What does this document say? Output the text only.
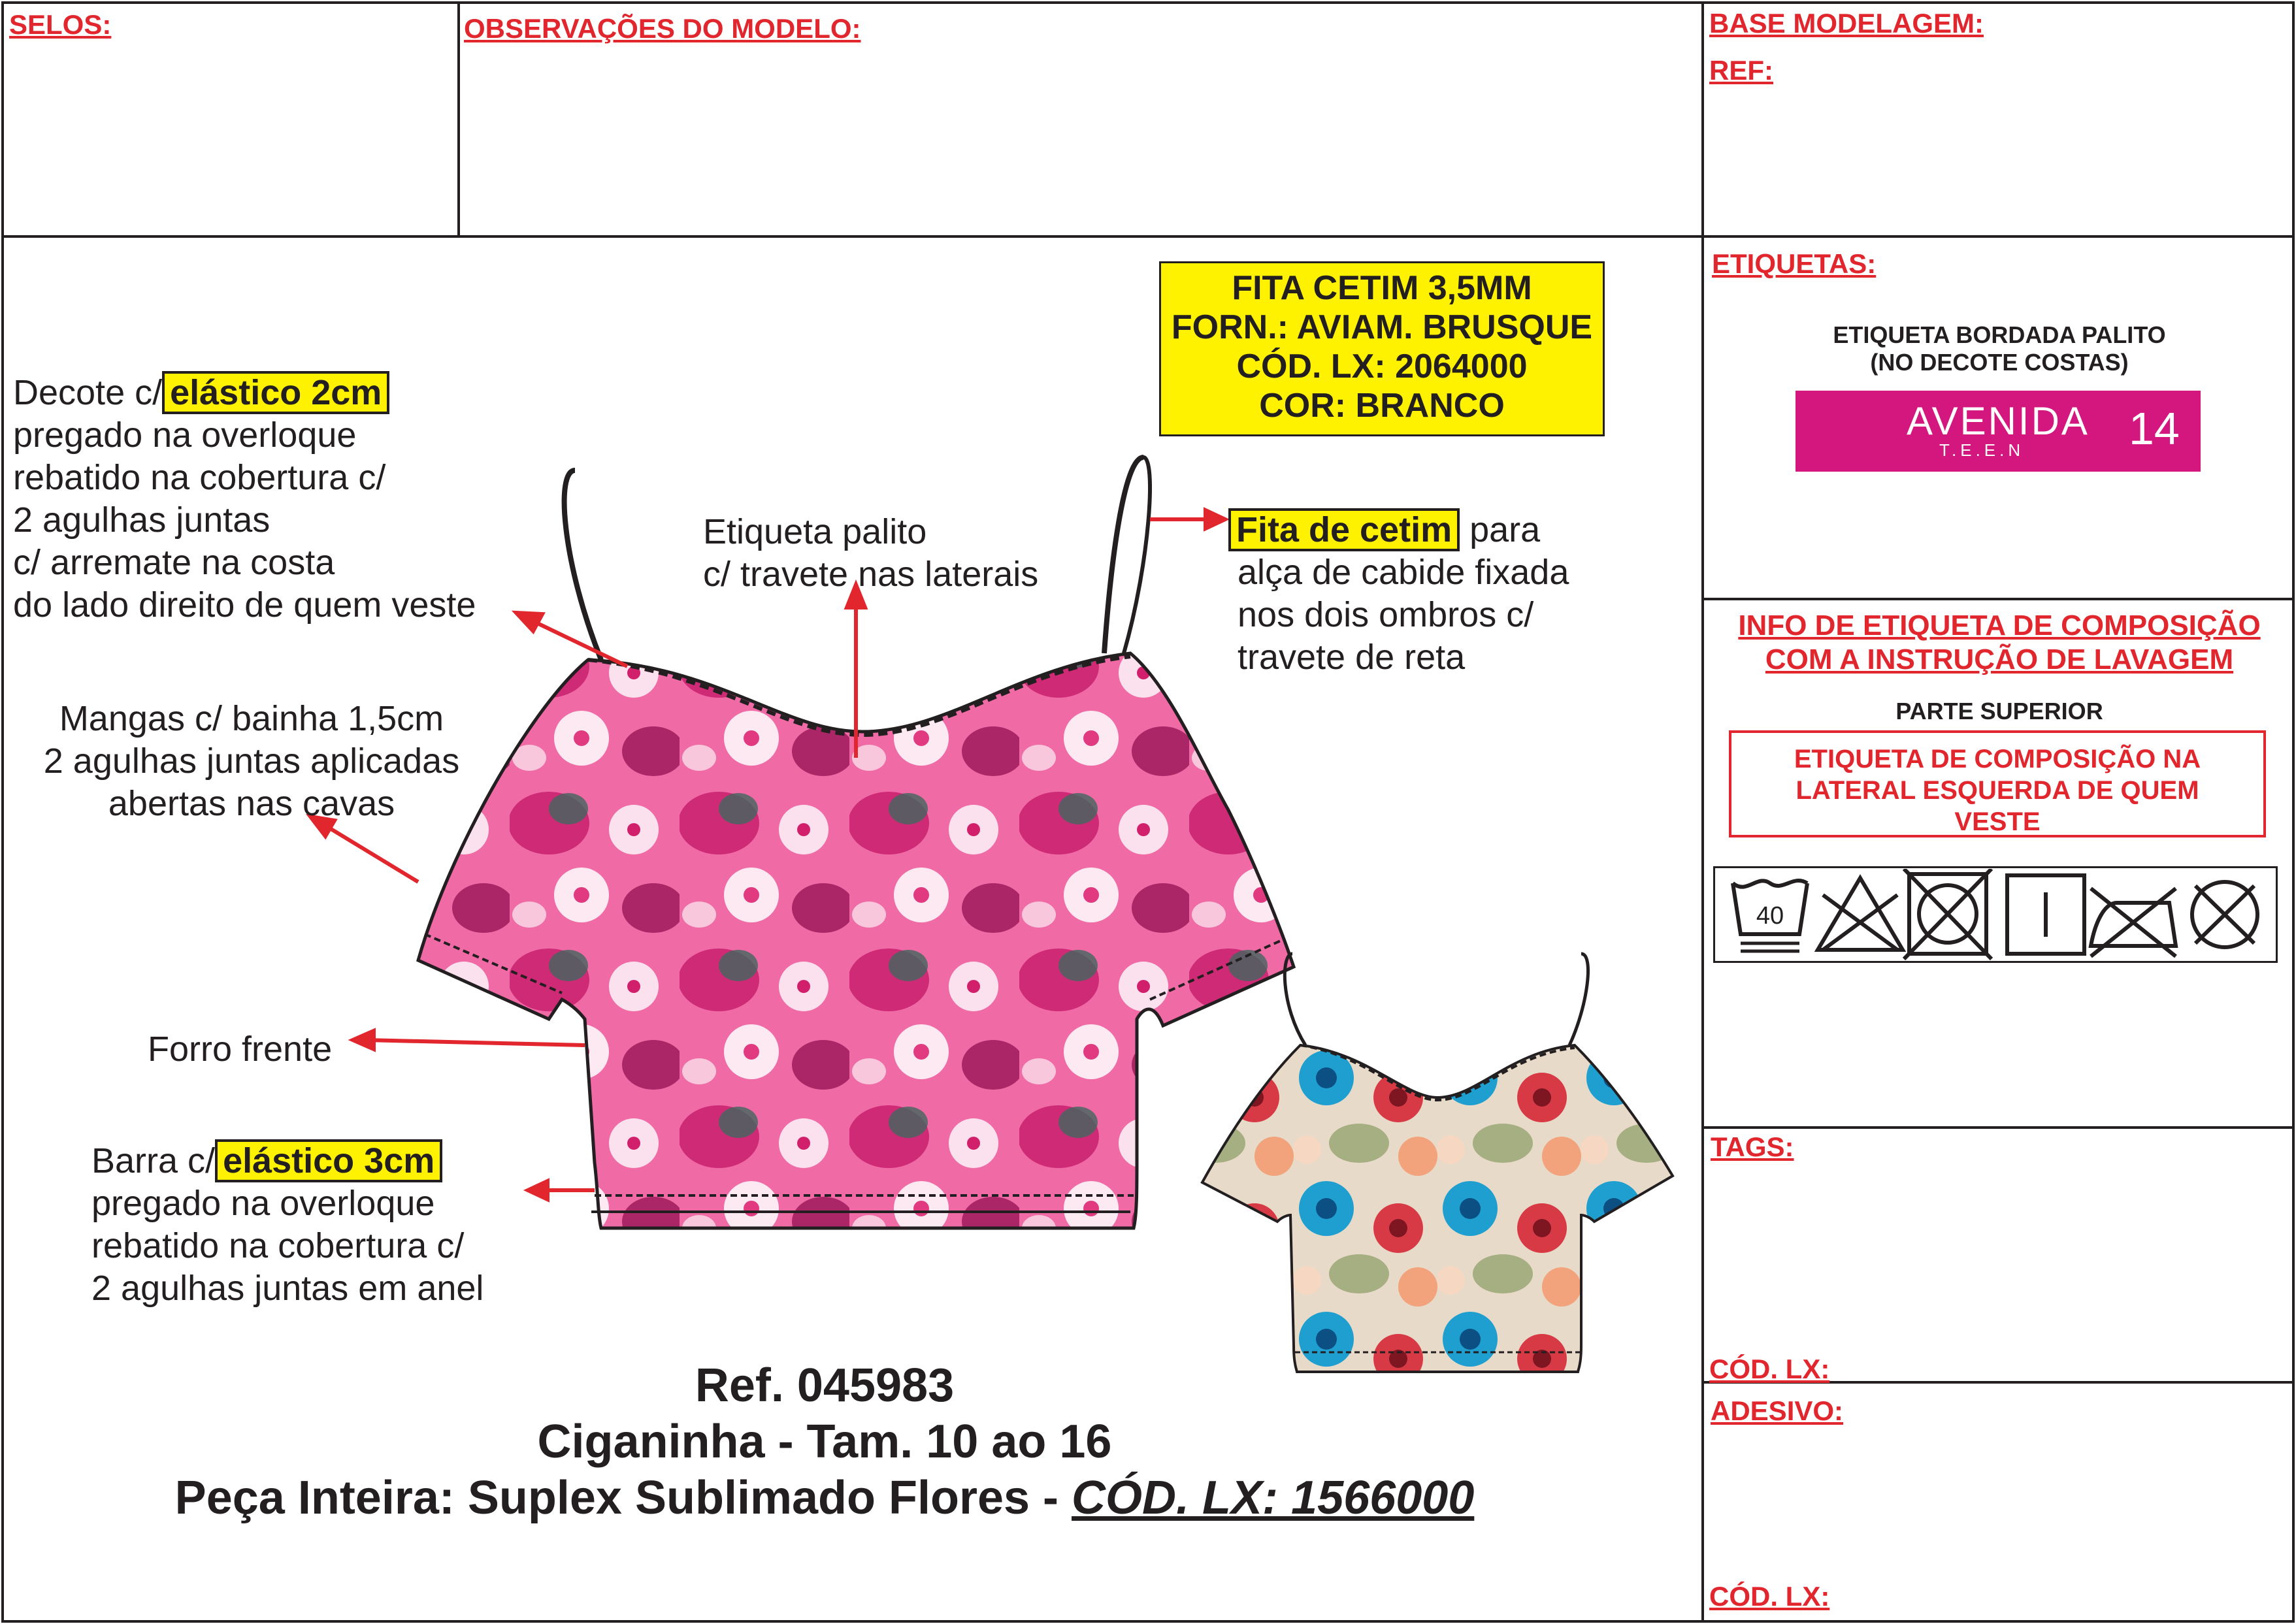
SELOS:	OBSERVAÇÕES DO MODELO:	BASE MODELAGEM:
REF:
ETIQUETAS:
ETIQUETA BORDADA PALITO
(NO DECOTE COSTAS)
AVENIDA
T.E.E.N 14
INFO DE ETIQUETA DE COMPOSIÇÃO
COM A INSTRUÇÃO DE LAVAGEM
PARTE SUPERIOR
ETIQUETA DE COMPOSIÇÃO NA
LATERAL ESQUERDA DE QUEM
VESTE
40
TAGS:
CÓD. LX:
ADESIVO:
CÓD. LX:
FITA CETIM 3,5MM
FORN.: AVIAM. BRUSQUE
CÓD. LX: 2064000
COR: BRANCO
Decote c/ elástico 2cm
pregado na overloque
rebatido na cobertura c/
2 agulhas juntas
c/ arremate na costa
do lado direito de quem veste
Etiqueta palito
c/ travete nas laterais
Fita de cetim para
alça de cabide fixada
nos dois ombros c/
travete de reta
Mangas c/ bainha 1,5cm
2 agulhas juntas aplicadas
abertas nas cavas
Forro frente
Barra c/ elástico 3cm
pregado na overloque
rebatido na cobertura c/
2 agulhas juntas em anel
Ref. 045983
Ciganinha - Tam. 10 ao 16
Peça Inteira: Suplex Sublimado Flores - CÓD. LX: 1566000
